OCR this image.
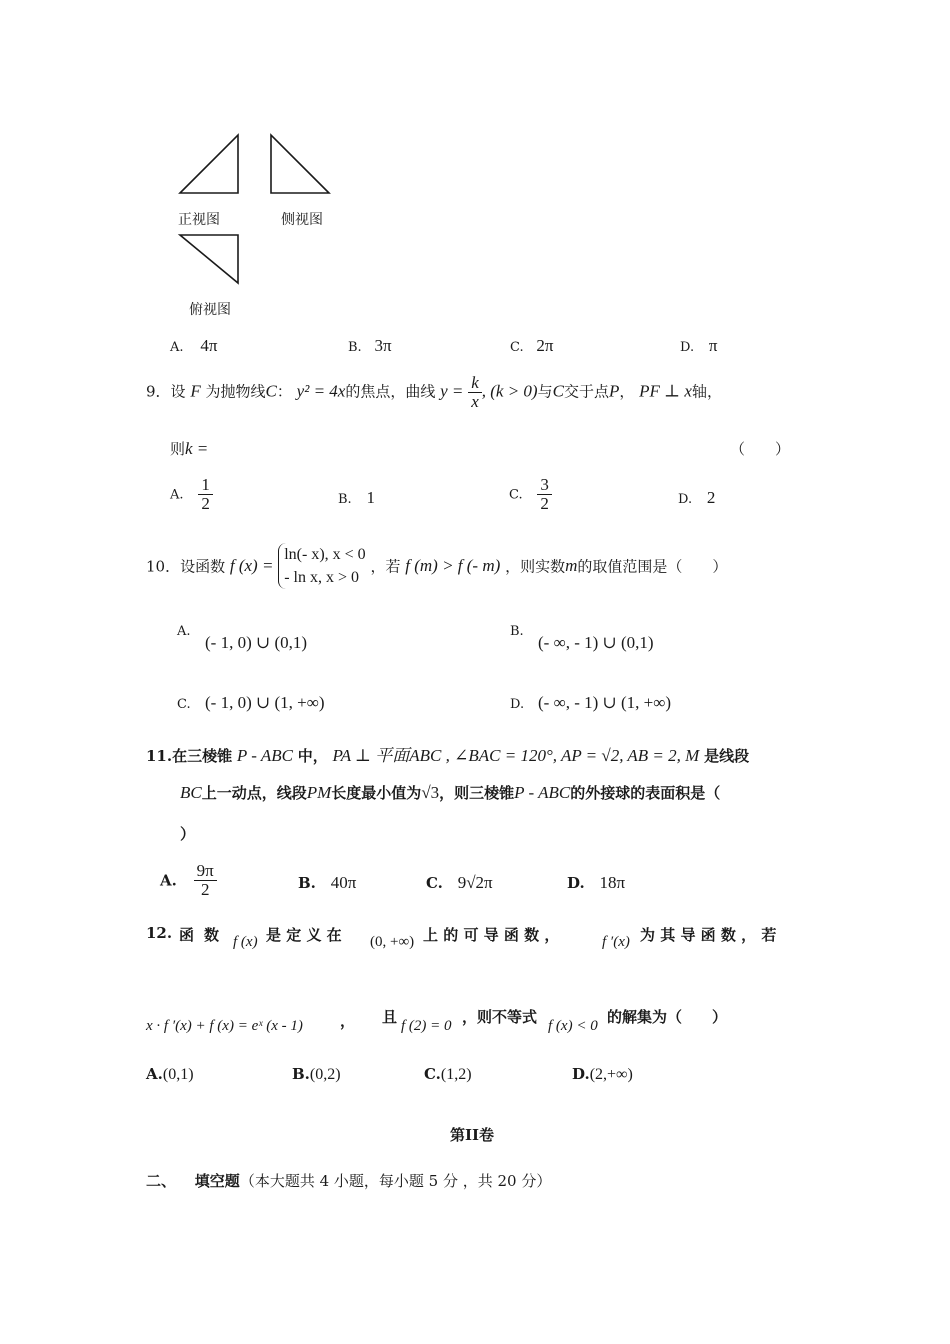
正视图	侧视图
俯视图
A. 4π	B. 3π	C. 2π	D. π
9．设 F 为抛物线C： y² = 4x的焦点，曲线 $y = \frac{k}{x}$ , (k > 0)与C交于点P， PF ⊥ x轴，
则k =	（　　）
A. $\frac{1}{2}$	B. 1	C. $\frac{3}{2}$	D. 2
10．设函数 f (x) =
ln(- x), x < 0
- ln x, x > 0
，若 f (m) > f (- m) ，则实数m的取值范围是（　　）
A.
(- 1, 0) ∪ (0,1)
B.
(- ∞, - 1) ∪ (0,1)
C. (- 1, 0) ∪ (1, +∞)	D. (- ∞, - 1) ∪ (1, +∞)
11.在三棱锥 P - ABC 中， PA ⊥ 平面ABC , ∠BAC = 120°, AP = √2, AB = 2, M 是线段
BC上一动点，线段PM长度最小值为√3，则三棱锥P - ABC的外接球的表面积是（
）
A. $\frac{9\pi}{2}$	B. 40π	C. 9√2π	D. 18π
12. 函 数 f (x) 是 定 义 在 (0, +∞) 上 的 可 导 函 数 ，	f ′(x) 为 其 导 函 数 ， 若
x · f ′(x) + f (x) = eˣ (x - 1) ， 且 f (2) = 0 ，则不等式 f (x) < 0 的解集为（　　）
A.(0,1)	B.(0,2)	C.(1,2)	D.(2,+∞)
第II卷
二、 填空题（本大题共 4 小题，每小题 5 分 ，共 20 分）
